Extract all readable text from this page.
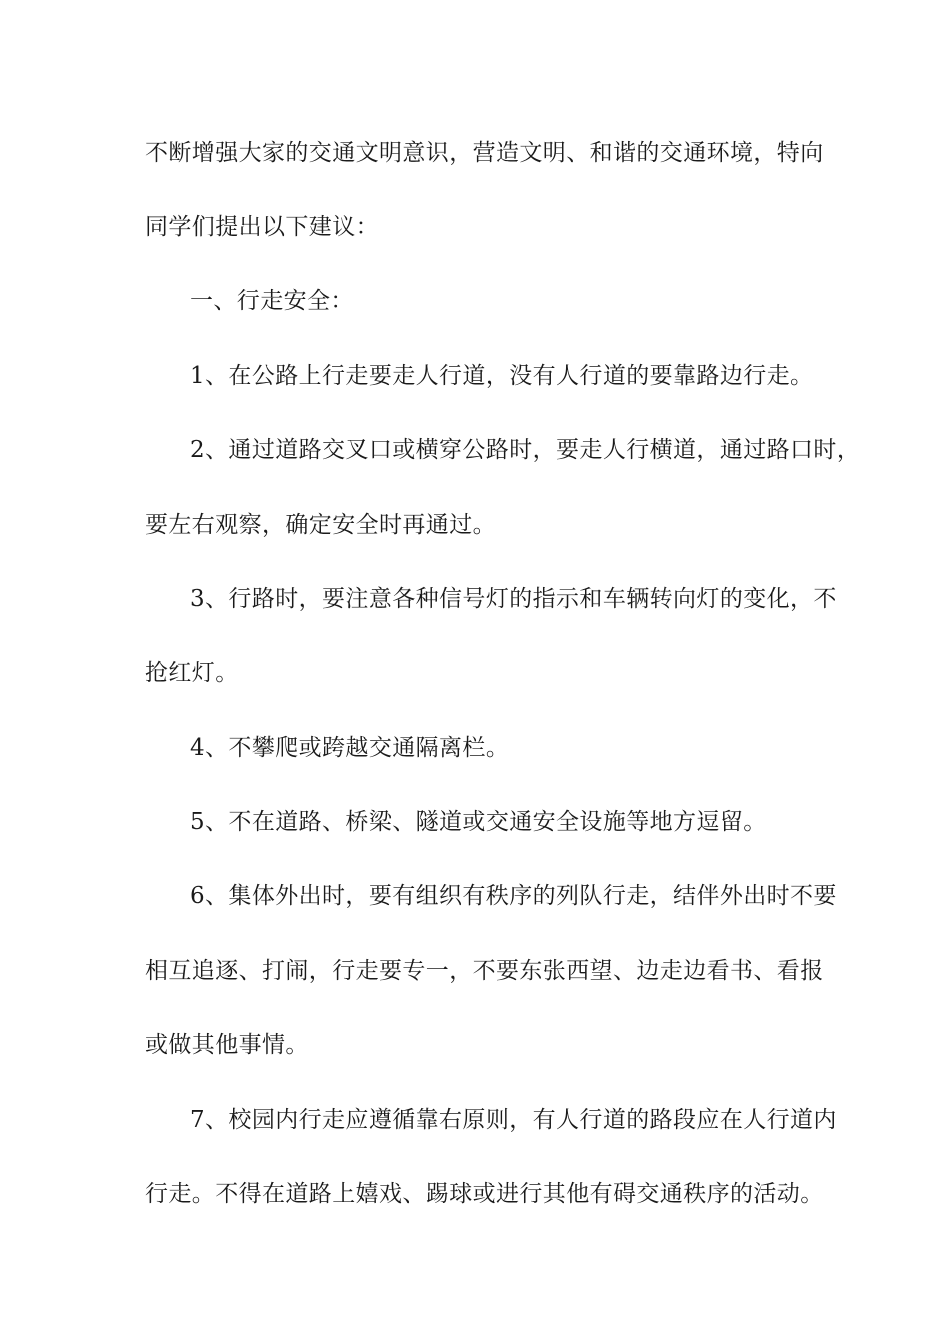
不断增强大家的交通文明意识，营造文明、和谐的交通环境，特向
同学们提出以下建议：
一、行走安全：
1、在公路上行走要走人行道，没有人行道的要靠路边行走。
2、通过道路交叉口或横穿公路时，要走人行横道，通过路口时，
要左右观察，确定安全时再通过。
3、行路时，要注意各种信号灯的指示和车辆转向灯的变化，不
抢红灯。
4、不攀爬或跨越交通隔离栏。
5、不在道路、桥梁、隧道或交通安全设施等地方逗留。
6、集体外出时，要有组织有秩序的列队行走，结伴外出时不要
相互追逐、打闹，行走要专一，不要东张西望、边走边看书、看报
或做其他事情。
7、校园内行走应遵循靠右原则，有人行道的路段应在人行道内
行走。不得在道路上嬉戏、踢球或进行其他有碍交通秩序的活动。
